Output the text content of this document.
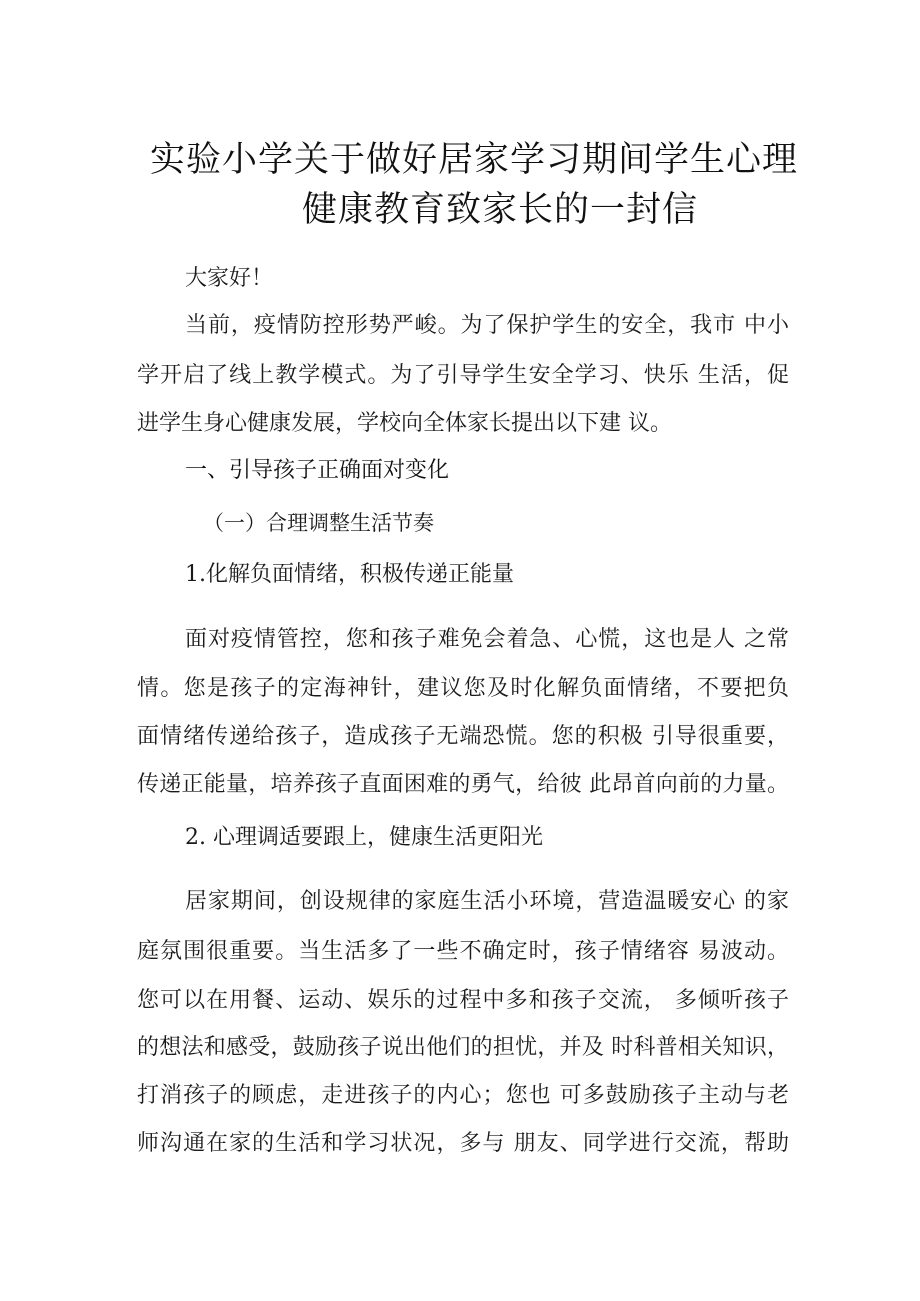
实验小学关于做好居家学习期间学生心理
健康教育致家长的一封信
大家好！
当前，疫情防控形势严峻。为了保护学生的安全，我市 中小
学开启了线上教学模式。为了引导学生安全学习、快乐 生活，促
进学生身心健康发展，学校向全体家长提出以下建 议。
一、引导孩子正确面对变化
（一）合理调整生活节奏
1.化解负面情绪，积极传递正能量
面对疫情管控，您和孩子难免会着急、心慌，这也是人 之常
情。您是孩子的定海神针，建议您及时化解负面情绪，不要把负
面情绪传递给孩子，造成孩子无端恐慌。您的积极 引导很重要，
传递正能量，培养孩子直面困难的勇气，给彼 此昂首向前的力量。
2. 心理调适要跟上，健康生活更阳光
居家期间，创设规律的家庭生活小环境，营造温暖安心 的家
庭氛围很重要。当生活多了一些不确定时，孩子情绪容 易波动。
您可以在用餐、运动、娱乐的过程中多和孩子交流， 多倾听孩子
的想法和感受，鼓励孩子说出他们的担忧，并及 时科普相关知识，
打消孩子的顾虑，走进孩子的内心；您也 可多鼓励孩子主动与老
师沟通在家的生活和学习状况，多与 朋友、同学进行交流，帮助
